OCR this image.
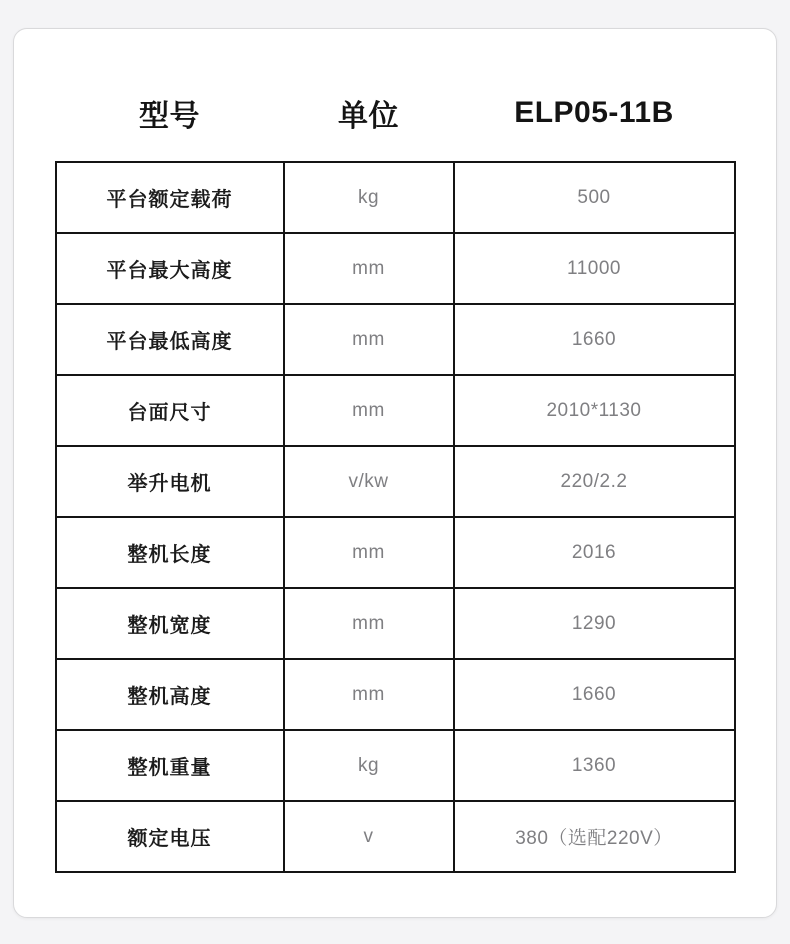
型号	单位	ELP05-11B
平台额定载荷	kg	500
平台最大高度	mm	11000
平台最低高度	mm	1660
台面尺寸	mm	2010*1130
举升电机	v/kw	220/2.2
整机长度	mm	2016
整机宽度	mm	1290
整机高度	mm	1660
整机重量	kg	1360
额定电压	v	380（选配220V）
